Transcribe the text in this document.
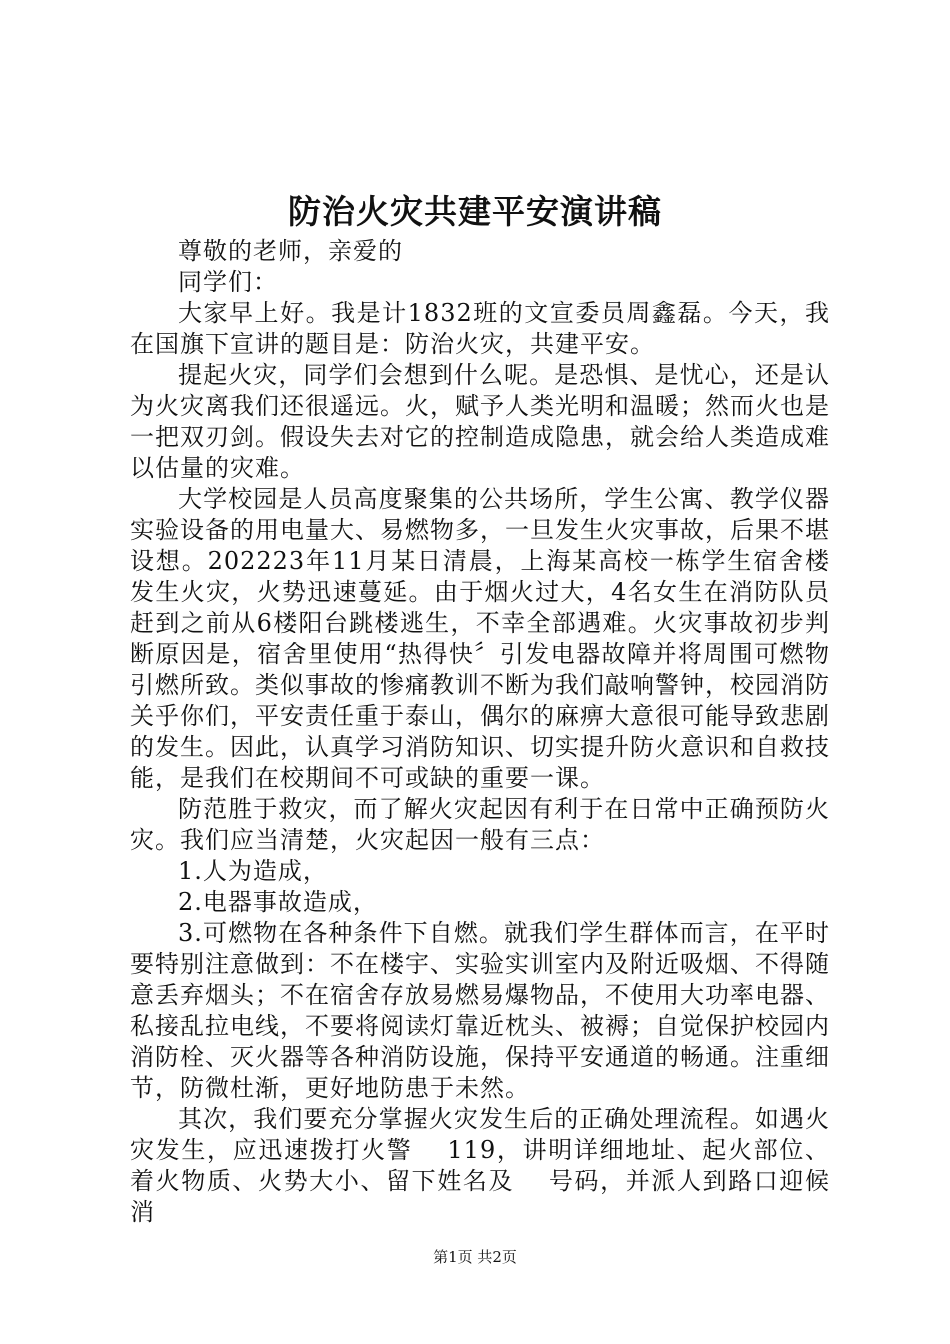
防治火灾共建平安演讲稿

尊敬的老师，亲爱的

同学们：

大家早上好。我是计1832班的文宣委员周鑫磊。今天，我在国旗下宣讲的题目是：防治火灾，共建平安。

提起火灾，同学们会想到什么呢。是恐惧、是忧心，还是认为火灾离我们还很遥远。火，赋予人类光明和温暖；然而火也是一把双刃剑。假设失去对它的控制造成隐患，就会给人类造成难以估量的灾难。

大学校园是人员高度聚集的公共场所，学生公寓、教学仪器实验设备的用电量大、易燃物多，一旦发生火灾事故，后果不堪设想。202223年11月某日清晨，上海某高校一栋学生宿舍楼发生火灾，火势迅速蔓延。由于烟火过大，4名女生在消防队员赶到之前从6楼阳台跳楼逃生，不幸全部遇难。火灾事故初步判断原因是，宿舍里使用“热得快〞引发电器故障并将周围可燃物引燃所致。类似事故的惨痛教训不断为我们敲响警钟，校园消防关乎你们，平安责任重于泰山，偶尔的麻痹大意很可能导致悲剧的发生。因此，认真学习消防知识、切实提升防火意识和自救技能，是我们在校期间不可或缺的重要一课。

防范胜于救灾，而了解火灾起因有利于在日常中正确预防火灾。我们应当清楚，火灾起因一般有三点：

1.人为造成，

2.电器事故造成，

3.可燃物在各种条件下自燃。就我们学生群体而言，在平时要特别注意做到：不在楼宇、实验实训室内及附近吸烟、不得随意丢弃烟头；不在宿舍存放易燃易爆物品，不使用大功率电器、私接乱拉电线，不要将阅读灯靠近枕头、被褥；自觉保护校园内消防栓、灭火器等各种消防设施，保持平安通道的畅通。注重细节，防微杜渐，更好地防患于未然。

其次，我们要充分掌握火灾发生后的正确处理流程。如遇火灾发生，应迅速拨打火警　 119，讲明详细地址、起火部位、着火物质、火势大小、留下姓名及　 号码，并派人到路口迎候消

第1页 共2页
